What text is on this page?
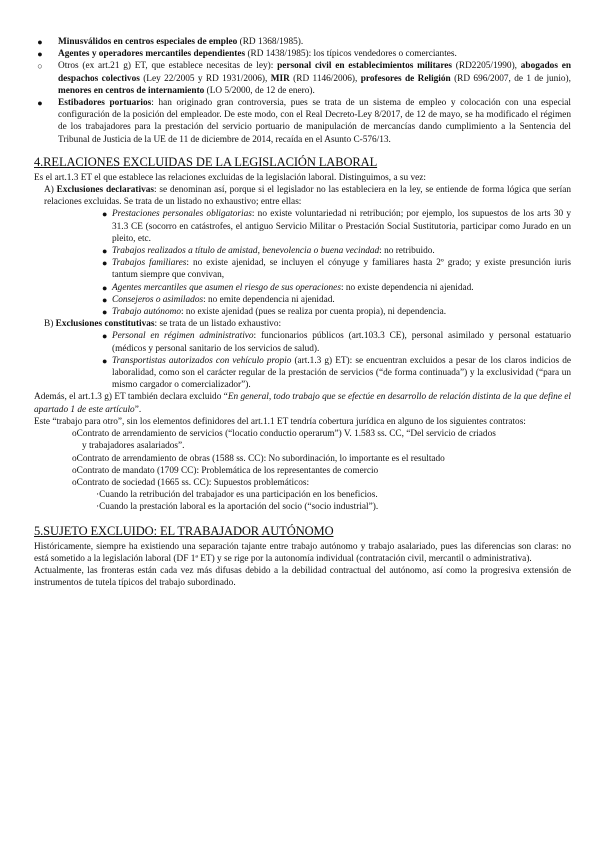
●	Minusválidos en centros especiales de empleo (RD 1368/1985).
●	Agentes y operadores mercantiles dependientes (RD 1438/1985): los típicos vendedores o comerciantes.
○	Otros (ex art.21 g) ET, que establece necesitas de ley): personal civil en establecimientos militares (RD2205/1990), abogados en despachos colectivos (Ley 22/2005 y RD 1931/2006), MIR (RD 1146/2006), profesores de Religión (RD 696/2007, de 1 de junio), menores en centros de internamiento (LO 5/2000, de 12 de enero).
●	Estibadores portuarios: han originado gran controversia, pues se trata de un sistema de empleo y colocación con una especial configuración de la posición del empleador. De este modo, con el Real Decreto-Ley 8/2017, de 12 de mayo, se ha modificado el régimen de los trabajadores para la prestación del servicio portuario de manipulación de mercancías dando cumplimiento a la Sentencia del Tribunal de Justicia de la UE de 11 de diciembre de 2014, recaída en el Asunto C-576/13.
4.RELACIONES EXCLUIDAS DE LA LEGISLACIÓN LABORAL

Es el art.1.3 ET el que establece las relaciones excluidas de la legislación laboral. Distinguimos, a su vez:

A) Exclusiones declarativas: se denominan así, porque si el legislador no las estableciera en la ley, se entiende de forma lógica que serían relaciones excluidas. Se trata de un listado no exhaustivo; entre ellas:

● Prestaciones personales obligatorias: no existe voluntariedad ni retribución; por ejemplo, los supuestos de los arts 30 y 31.3 CE (socorro en catástrofes, el antiguo Servicio Militar o Prestación Social Sustitutoria, participar como Jurado en un pleito, etc.
● Trabajos realizados a título de amistad, benevolencia o buena vecindad: no retribuido.
● Trabajos familiares: no existe ajenidad, se incluyen el cónyuge y familiares hasta 2º grado; y existe presunción iuris tantum siempre que convivan,
● Agentes mercantiles que asumen el riesgo de sus operaciones: no existe dependencia ni ajenidad.
● Consejeros o asimilados: no emite dependencia ni ajenidad.
● Trabajo autónomo: no existe ajenidad (pues se realiza por cuenta propia), ni dependencia.

B) Exclusiones constitutivas: se trata de un listado exhaustivo:

● Personal en régimen administrativo: funcionarios públicos (art.103.3 CE), personal asimilado y personal estatuario (médicos y personal sanitario de los servicios de salud).
● Transportistas autorizados con vehículo propio (art.1.3 g) ET): se encuentran excluidos a pesar de los claros indicios de laboralidad, como son el carácter regular de la prestación de servicios (“de forma continuada”) y la exclusividad (“para un mismo cargador o comercializador”).

Además, el art.1.3 g) ET también declara excluido “En general, todo trabajo que se efectúe en desarrollo de relación distinta de la que define el apartado 1 de este artículo”.

Este “trabajo para otro”, sin los elementos definidores del art.1.1 ET tendría cobertura jurídica en alguno de los siguientes contratos:

oContrato de arrendamiento de servicios (“locatio conductio operarum”) V. 1.583 ss. CC, “Del servicio de criados
y trabajadores asalariados”.
oContrato de arrendamiento de obras (1588 ss. CC): No subordinación, lo importante es el resultado
oContrato de mandato (1709 CC): Problemática de los representantes de comercio
oContrato de sociedad (1665 ss. CC): Supuestos problemáticos:
·Cuando la retribución del trabajador es una participación en los beneficios.
·Cuando la prestación laboral es la aportación del socio (“socio industrial”).
5.SUJETO EXCLUIDO: EL TRABAJADOR AUTÓNOMO

Históricamente, siempre ha existiendo una separación tajante entre trabajo autónomo y trabajo asalariado, pues las diferencias son claras: no está sometido a la legislación laboral (DF 1ª ET) y se rige por la autonomía individual (contratación civil, mercantil o administrativa).

Actualmente, las fronteras están cada vez más difusas debido a la debilidad contractual del autónomo, así como la progresiva extensión de instrumentos de tutela típicos del trabajo subordinado.
